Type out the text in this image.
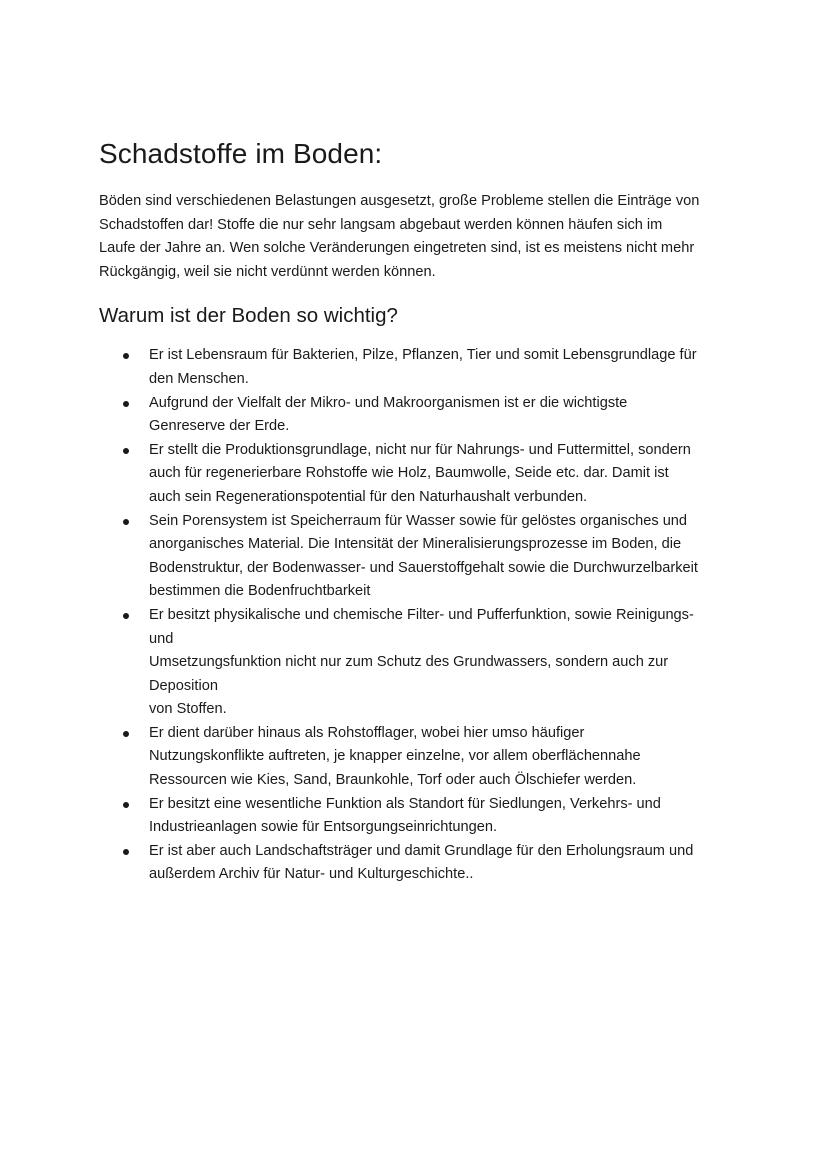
Schadstoffe im Boden:

Böden sind verschiedenen Belastungen ausgesetzt, große Probleme stellen die Einträge von
Schadstoffen dar! Stoffe die nur sehr langsam abgebaut werden können häufen sich im
Laufe der Jahre an. Wen solche Veränderungen eingetreten sind, ist es meistens nicht mehr
Rückgängig, weil sie nicht verdünnt werden können.

Warum ist der Boden so wichtig?
Er ist Lebensraum für Bakterien, Pilze, Pflanzen, Tier und somit Lebensgrundlage für
den Menschen.
Aufgrund der Vielfalt der Mikro- und Makroorganismen ist er die wichtigste
Genreserve der Erde.
Er stellt die Produktionsgrundlage, nicht nur für Nahrungs- und Futtermittel, sondern
auch für regenerierbare Rohstoffe wie Holz, Baumwolle, Seide etc. dar. Damit ist
auch sein Regenerationspotential für den Naturhaushalt verbunden.
Sein Porensystem ist Speicherraum für Wasser sowie für gelöstes organisches und
anorganisches Material. Die Intensität der Mineralisierungsprozesse im Boden, die
Bodenstruktur, der Bodenwasser- und Sauerstoffgehalt sowie die Durchwurzelbarkeit
bestimmen die Bodenfruchtbarkeit
Er besitzt physikalische und chemische Filter- und Pufferfunktion, sowie Reinigungs-
und
Umsetzungsfunktion nicht nur zum Schutz des Grundwassers, sondern auch zur
Deposition
von Stoffen.
Er dient darüber hinaus als Rohstofflager, wobei hier umso häufiger
Nutzungskonflikte auftreten, je knapper einzelne, vor allem oberflächennahe
Ressourcen wie Kies, Sand, Braunkohle, Torf oder auch Ölschiefer werden.
Er besitzt eine wesentliche Funktion als Standort für Siedlungen, Verkehrs- und
Industrieanlagen sowie für Entsorgungseinrichtungen.
Er ist aber auch Landschaftsträger und damit Grundlage für den Erholungsraum und
außerdem Archiv für Natur- und Kulturgeschichte..
